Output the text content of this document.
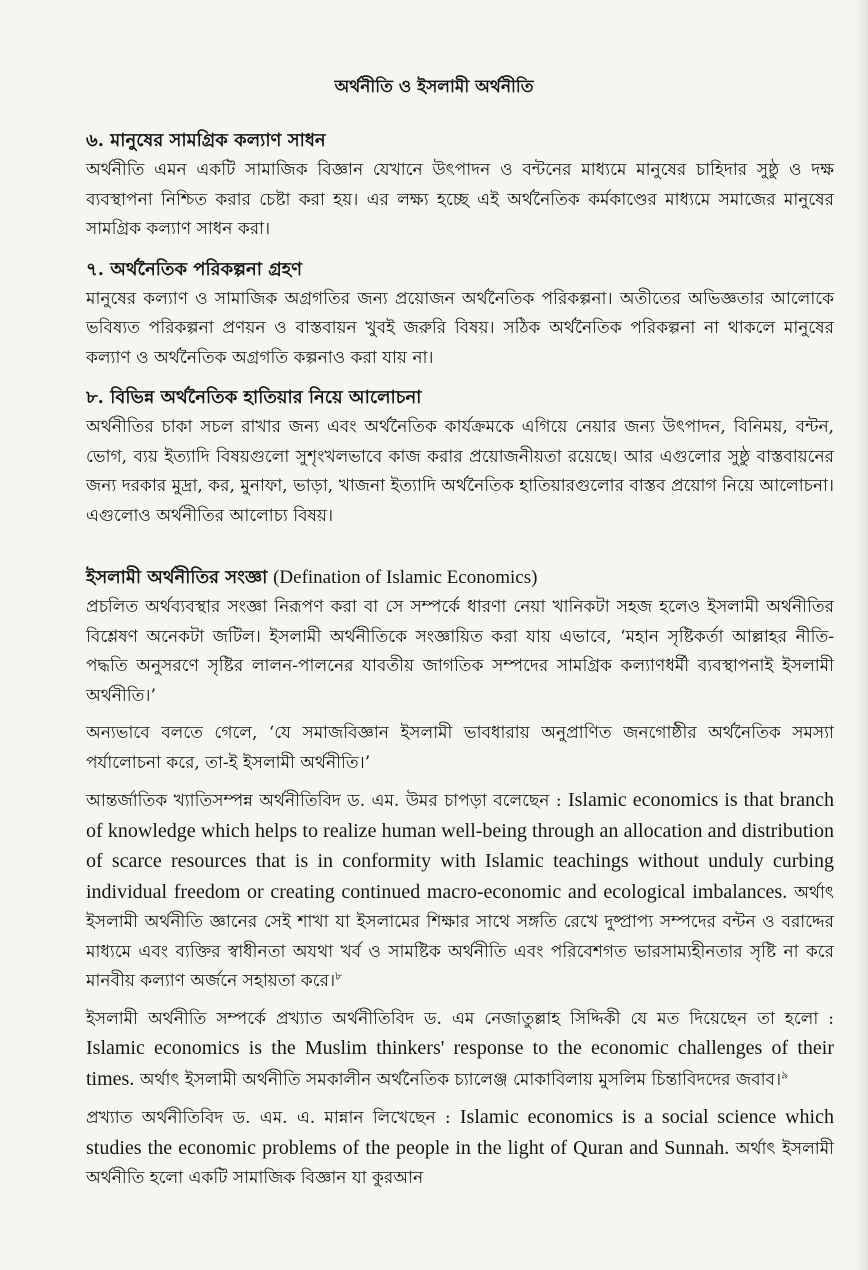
অর্থনীতি ও ইসলামী অর্থনীতি

৬. মানুষের সামগ্রিক কল্যাণ সাধন

অর্থনীতি এমন একটি সামাজিক বিজ্ঞান যেখানে উৎপাদন ও বন্টনের মাধ্যমে মানুষের চাহিদার সুষ্ঠু ও দক্ষ ব্যবস্থাপনা নিশ্চিত করার চেষ্টা করা হয়। এর লক্ষ্য হচ্ছে এই অর্থনৈতিক কর্মকাণ্ডের মাধ্যমে সমাজের মানুষের সামগ্রিক কল্যাণ সাধন করা।

৭. অর্থনৈতিক পরিকল্পনা গ্রহণ

মানুষের কল্যাণ ও সামাজিক অগ্রগতির জন্য প্রয়োজন অর্থনৈতিক পরিকল্পনা। অতীতের অভিজ্ঞতার আলোকে ভবিষ্যত পরিকল্পনা প্রণয়ন ও বাস্তবায়ন খুবই জরুরি বিষয়। সঠিক অর্থনৈতিক পরিকল্পনা না থাকলে মানুষের কল্যাণ ও অর্থনৈতিক অগ্রগতি কল্পনাও করা যায় না।

৮. বিভিন্ন অর্থনৈতিক হাতিয়ার নিয়ে আলোচনা

অর্থনীতির চাকা সচল রাখার জন্য এবং অর্থনৈতিক কার্যক্রমকে এগিয়ে নেয়ার জন্য উৎপাদন, বিনিময়, বন্টন, ভোগ, ব্যয় ইত্যাদি বিষয়গুলো সুশৃংখলভাবে কাজ করার প্রয়োজনীয়তা রয়েছে। আর এগুলোর সুষ্ঠু বাস্তবায়নের জন্য দরকার মুদ্রা, কর, মুনাফা, ভাড়া, খাজনা ইত্যাদি অর্থনৈতিক হাতিয়ারগুলোর বাস্তব প্রয়োগ নিয়ে আলোচনা। এগুলোও অর্থনীতির আলোচ্য বিষয়।

ইসলামী অর্থনীতির সংজ্ঞা (Defination of Islamic Economics)

প্রচলিত অর্থব্যবস্থার সংজ্ঞা নিরূপণ করা বা সে সম্পর্কে ধারণা নেয়া খানিকটা সহজ হলেও ইসলামী অর্থনীতির বিশ্লেষণ অনেকটা জটিল। ইসলামী অর্থনীতিকে সংজ্ঞায়িত করা যায় এভাবে, ‘মহান সৃষ্টিকর্তা আল্লাহর নীতি-পদ্ধতি অনুসরণে সৃষ্টির লালন-পালনের যাবতীয় জাগতিক সম্পদের সামগ্রিক কল্যাণধর্মী ব্যবস্থাপনাই ইসলামী অর্থনীতি।’

অন্যভাবে বলতে গেলে, ‘যে সমাজবিজ্ঞান ইসলামী ভাবধারায় অনুপ্রাণিত জনগোষ্ঠীর অর্থনৈতিক সমস্যা পর্যালোচনা করে, তা-ই ইসলামী অর্থনীতি।’

আন্তর্জাতিক খ্যাতিসম্পন্ন অর্থনীতিবিদ ড. এম. উমর চাপড়া বলেছেন : Islamic economics is that branch of knowledge which helps to realize human well-being through an allocation and distribution of scarce resources that is in conformity with Islamic teachings without unduly curbing individual freedom or creating continued macro-economic and ecological imbalances. অর্থাৎ ইসলামী অর্থনীতি জ্ঞানের সেই শাখা যা ইসলামের শিক্ষার সাথে সঙ্গতি রেখে দুষ্প্রাপ্য সম্পদের বন্টন ও বরাদ্দের মাধ্যমে এবং ব্যক্তির স্বাধীনতা অযথা খর্ব ও সামষ্টিক অর্থনীতি এবং পরিবেশগত ভারসাম্যহীনতার সৃষ্টি না করে মানবীয় কল্যাণ অর্জনে সহায়তা করে।$^৮$

ইসলামী অর্থনীতি সম্পর্কে প্রখ্যাত অর্থনীতিবিদ ড. এম নেজাতুল্লাহ সিদ্দিকী যে মত দিয়েছেন তা হলো : Islamic economics is the Muslim thinkers' response to the economic challenges of their times. অর্থাৎ ইসলামী অর্থনীতি সমকালীন অর্থনৈতিক চ্যালেঞ্জ মোকাবিলায় মুসলিম চিন্তাবিদদের জবাব।$^৯$

প্রখ্যাত অর্থনীতিবিদ ড. এম. এ. মান্নান লিখেছেন : Islamic economics is a social science which studies the economic problems of the people in the light of Quran and Sunnah. অর্থাৎ ইসলামী অর্থনীতি হলো একটি সামাজিক বিজ্ঞান যা কুরআন
